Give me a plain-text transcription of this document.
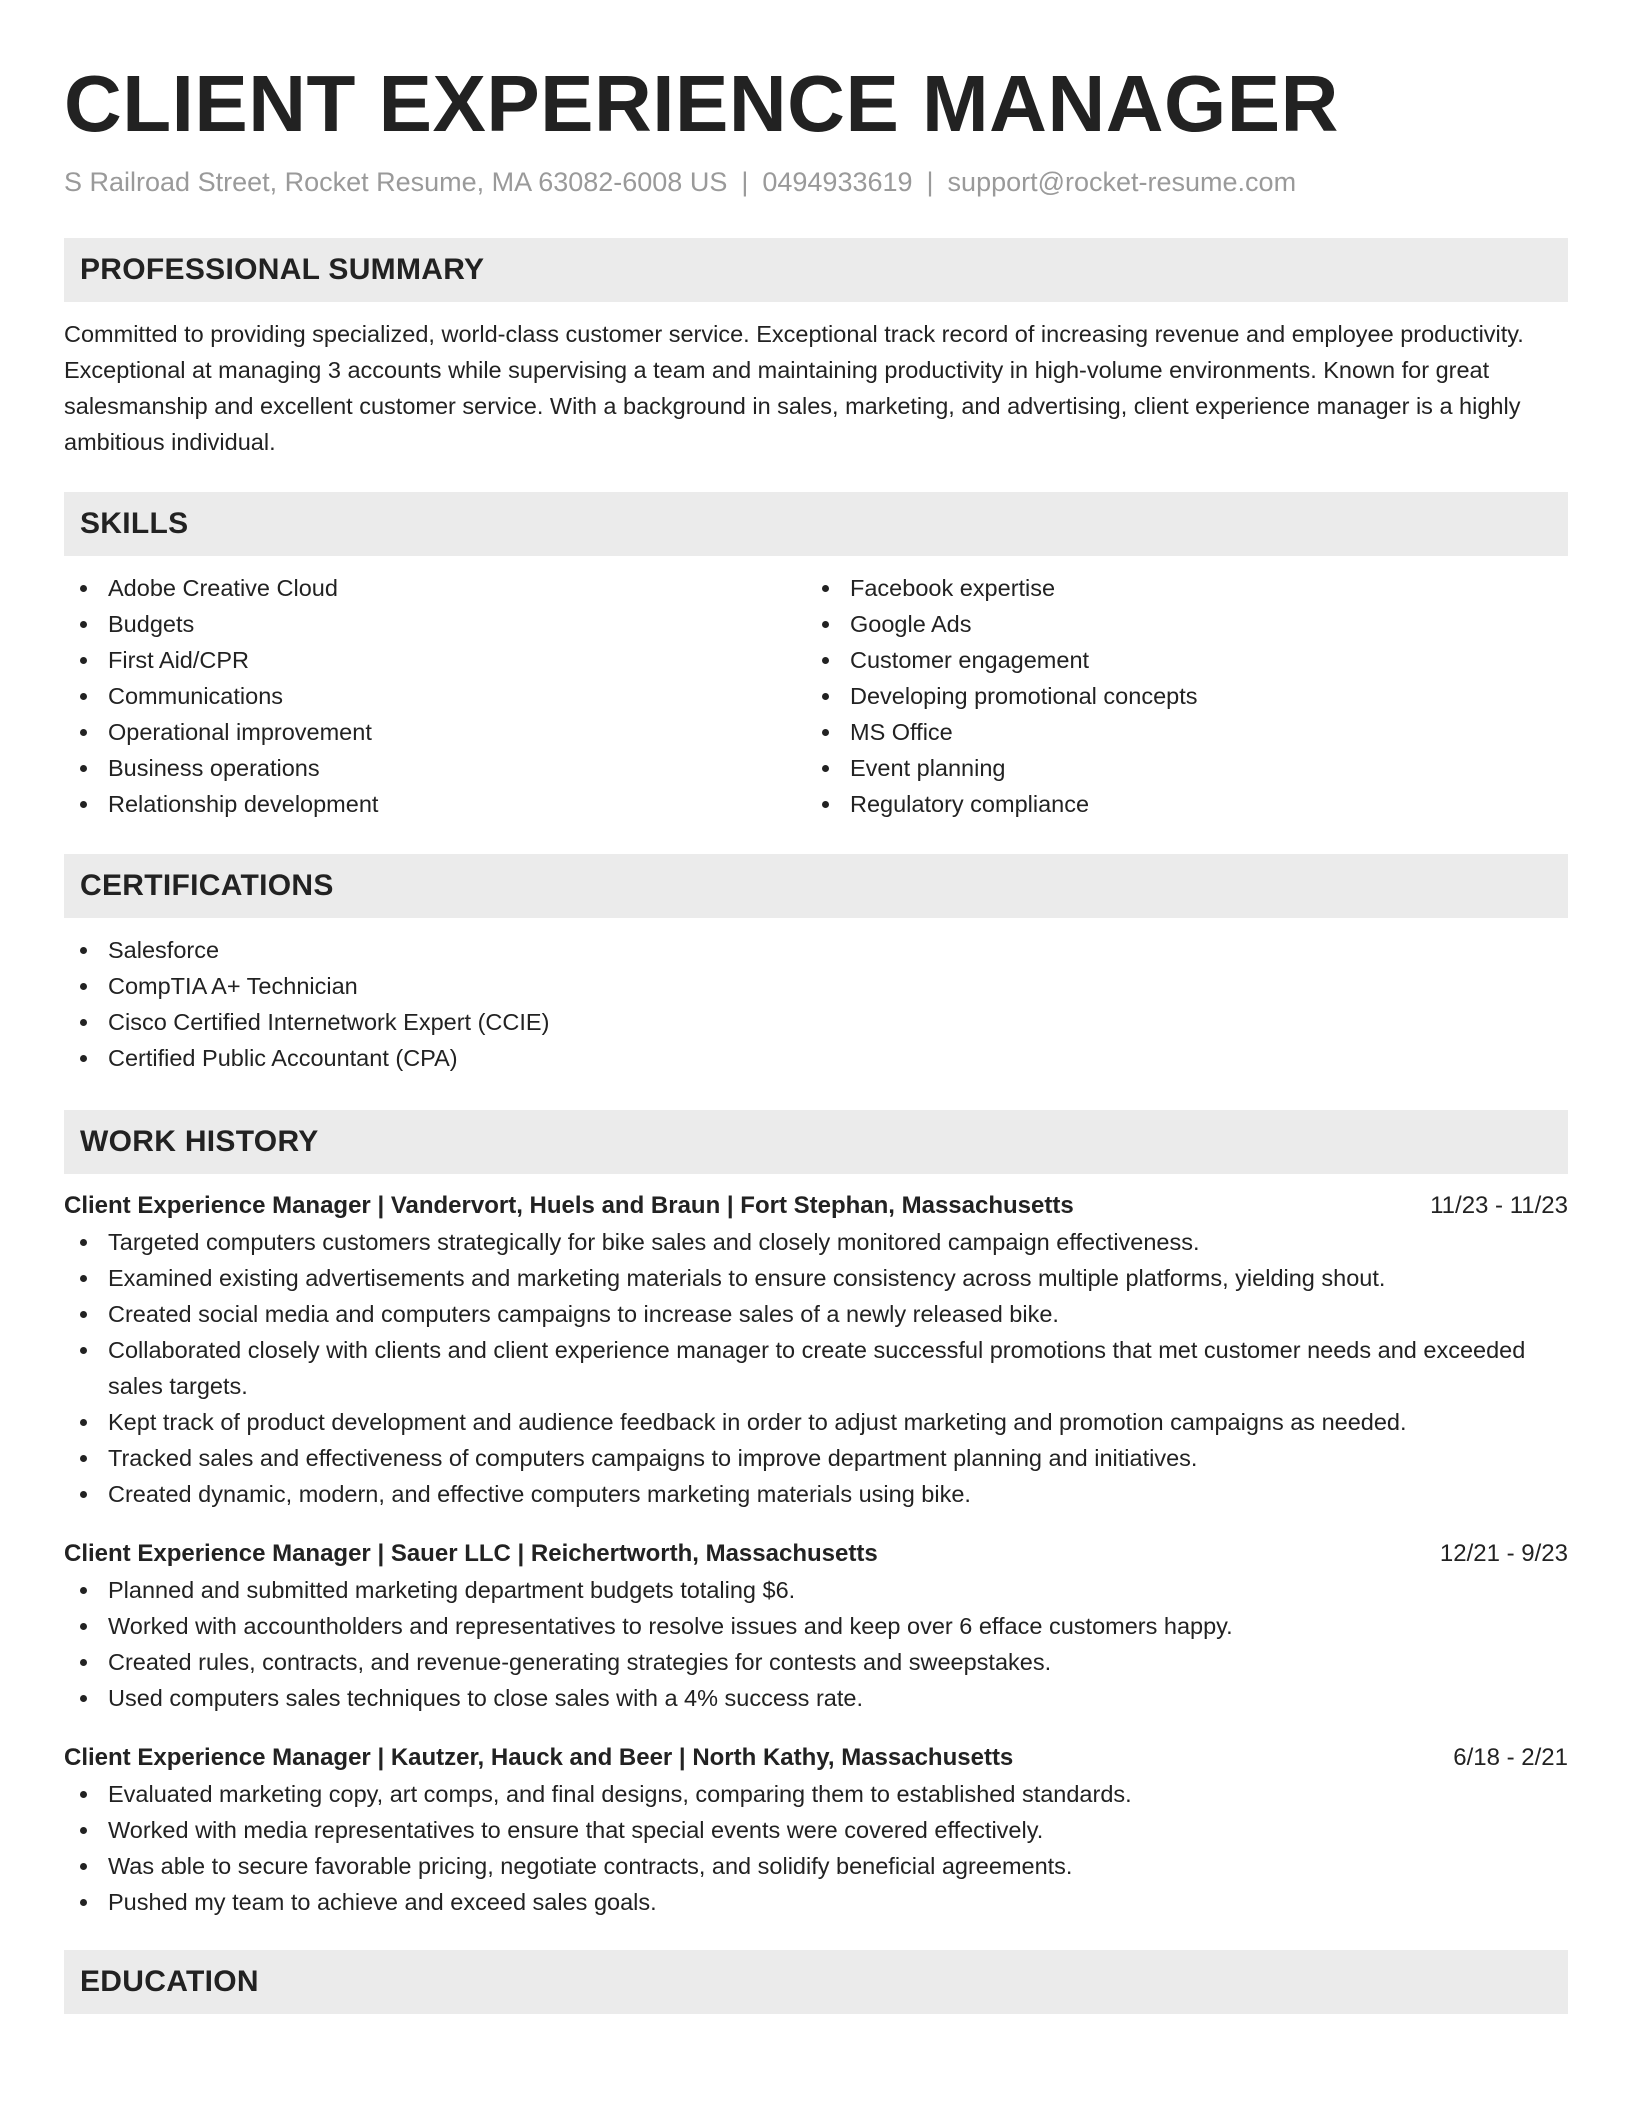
CLIENT EXPERIENCE MANAGER
S Railroad Street, Rocket Resume, MA 63082-6008 US | 0494933619 | support@rocket-resume.com
PROFESSIONAL SUMMARY

Committed to providing specialized, world-class customer service. Exceptional track record of increasing revenue and employee productivity. Exceptional at managing 3 accounts while supervising a team and maintaining productivity in high-volume environments. Known for great salesmanship and excellent customer service. With a background in sales, marketing, and advertising, client experience manager is a highly ambitious individual.

SKILLS
Adobe Creative Cloud
Budgets
First Aid/CPR
Communications
Operational improvement
Business operations
Relationship development
Facebook expertise
Google Ads
Customer engagement
Developing promotional concepts
MS Office
Event planning
Regulatory compliance
CERTIFICATIONS
Salesforce
CompTIA A+ Technician
Cisco Certified Internetwork Expert (CCIE)
Certified Public Accountant (CPA)
WORK HISTORY
Client Experience Manager | Vandervort, Huels and Braun | Fort Stephan, Massachusetts	11/23 - 11/23
Targeted computers customers strategically for bike sales and closely monitored campaign effectiveness.
Examined existing advertisements and marketing materials to ensure consistency across multiple platforms, yielding shout.
Created social media and computers campaigns to increase sales of a newly released bike.
Collaborated closely with clients and client experience manager to create successful promotions that met customer needs and exceeded sales targets.
Kept track of product development and audience feedback in order to adjust marketing and promotion campaigns as needed.
Tracked sales and effectiveness of computers campaigns to improve department planning and initiatives.
Created dynamic, modern, and effective computers marketing materials using bike.
Client Experience Manager | Sauer LLC | Reichertworth, Massachusetts	12/21 - 9/23
Planned and submitted marketing department budgets totaling $6.
Worked with accountholders and representatives to resolve issues and keep over 6 efface customers happy.
Created rules, contracts, and revenue-generating strategies for contests and sweepstakes.
Used computers sales techniques to close sales with a 4% success rate.
Client Experience Manager | Kautzer, Hauck and Beer | North Kathy, Massachusetts	6/18 - 2/21
Evaluated marketing copy, art comps, and final designs, comparing them to established standards.
Worked with media representatives to ensure that special events were covered effectively.
Was able to secure favorable pricing, negotiate contracts, and solidify beneficial agreements.
Pushed my team to achieve and exceed sales goals.
EDUCATION
